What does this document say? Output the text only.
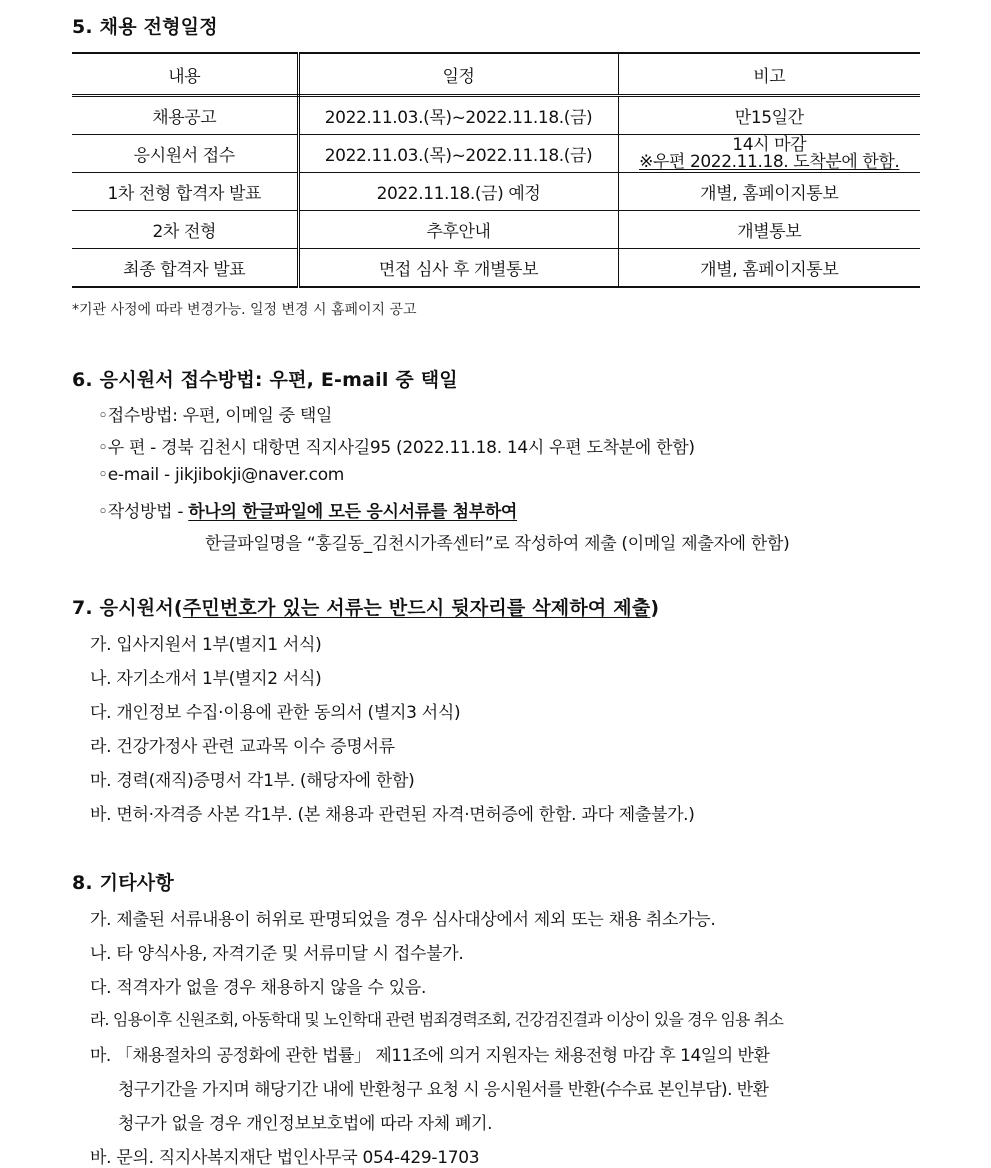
5. 채용 전형일정
내용	일정	비고
채용공고	2022.11.03.(목)~2022.11.18.(금)	만15일간
응시원서 접수	2022.11.03.(목)~2022.11.18.(금)	14시 마감
※우편 2022.11.18. 도착분에 한함.

1차 전형 합격자 발표	2022.11.18.(금) 예정	개별, 홈페이지통보
2차 전형	추후안내	개별통보
최종 합격자 발표	면접 심사 후 개별통보	개별, 홈페이지통보
*기관 사정에 따라 변경가능. 일정 변경 시 홈페이지 공고
6. 응시원서 접수방법: 우편, E-mail 중 택일
◦접수방법: 우편, 이메일 중 택일
◦우 편 - 경북 김천시 대항면 직지사길95 (2022.11.18. 14시 우편 도착분에 한함)
◦e-mail - jikjibokji@naver.com
◦작성방법 - 하나의 한글파일에 모든 응시서류를 첨부하여
한글파일명을 “홍길동_김천시가족센터”로 작성하여 제출 (이메일 제출자에 한함)
7. 응시원서(주민번호가 있는 서류는 반드시 뒷자리를 삭제하여 제출)
가. 입사지원서 1부(별지1 서식)
나. 자기소개서 1부(별지2 서식)
다. 개인정보 수집·이용에 관한 동의서 (별지3 서식)
라. 건강가정사 관련 교과목 이수 증명서류
마. 경력(재직)증명서 각1부. (해당자에 한함)
바. 면허·자격증 사본 각1부. (본 채용과 관련된 자격·면허증에 한함. 과다 제출불가.)
8. 기타사항
가. 제출된 서류내용이 허위로 판명되었을 경우 심사대상에서 제외 또는 채용 취소가능.
나. 타 양식사용, 자격기준 및 서류미달 시 접수불가.
다. 적격자가 없을 경우 채용하지 않을 수 있음.
라. 임용이후 신원조회, 아동학대 및 노인학대 관련 범죄경력조회, 건강검진결과 이상이 있을 경우 임용 취소
마. 「채용절차의 공정화에 관한 법률」 제11조에 의거 지원자는 채용전형 마감 후 14일의 반환
청구기간을 가지며 해당기간 내에 반환청구 요청 시 응시원서를 반환(수수료 본인부담). 반환
청구가 없을 경우 개인정보보호법에 따라 자체 폐기.
바. 문의. 직지사복지재단 법인사무국 054-429-1703
